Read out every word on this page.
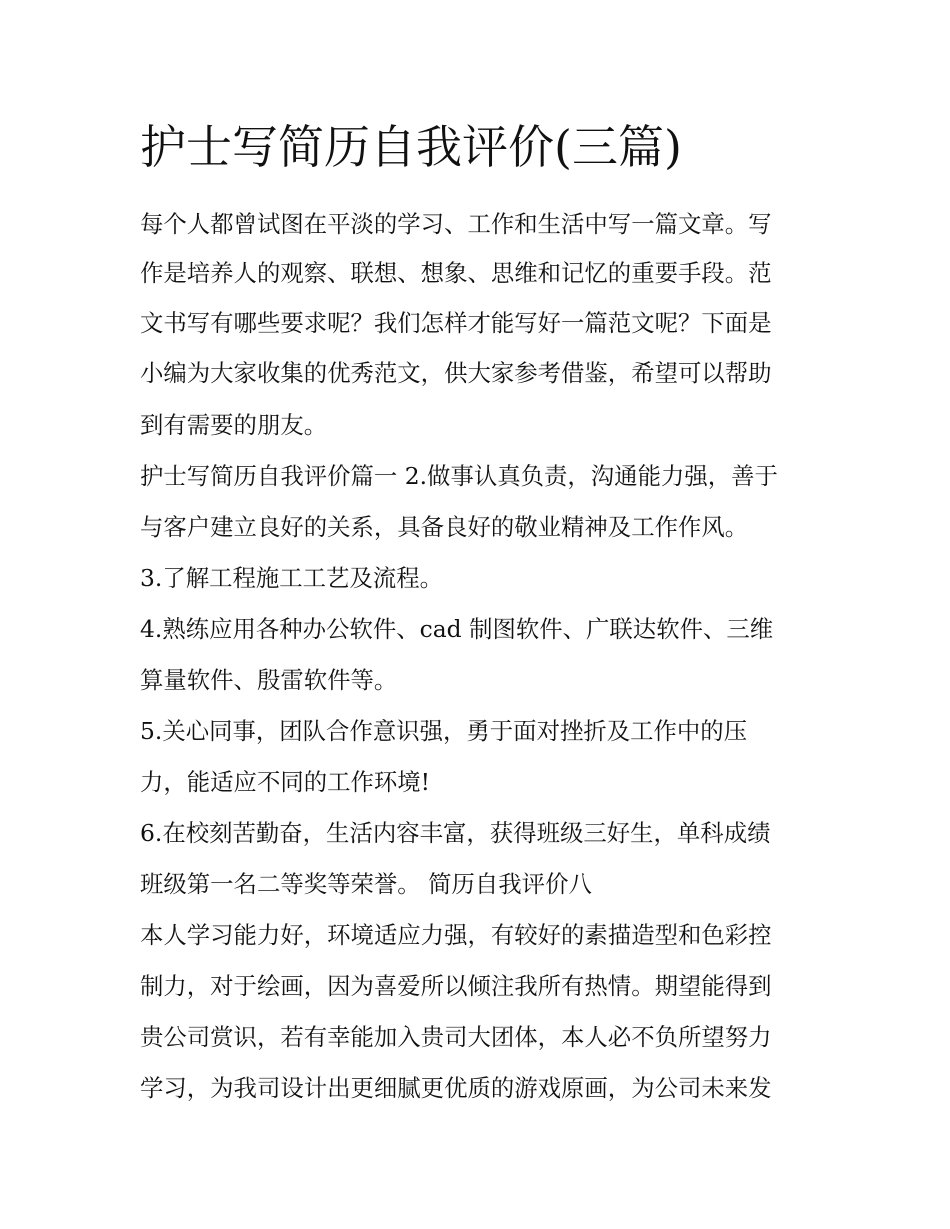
护士写简历自我评价(三篇)

每个人都曾试图在平淡的学习、工作和生活中写一篇文章。写

作是培养人的观察、联想、想象、思维和记忆的重要手段。范

文书写有哪些要求呢？我们怎样才能写好一篇范文呢？下面是

小编为大家收集的优秀范文，供大家参考借鉴，希望可以帮助

到有需要的朋友。

护士写简历自我评价篇一 2.做事认真负责，沟通能力强，善于

与客户建立良好的关系，具备良好的敬业精神及工作作风。

3.了解工程施工工艺及流程。

4.熟练应用各种办公软件、cad 制图软件、广联达软件、三维

算量软件、殷雷软件等。

5.关心同事，团队合作意识强，勇于面对挫折及工作中的压

力，能适应不同的工作环境!

6.在校刻苦勤奋，生活内容丰富，获得班级三好生，单科成绩

班级第一名二等奖等荣誉。 简历自我评价八

本人学习能力好，环境适应力强，有较好的素描造型和色彩控

制力，对于绘画，因为喜爱所以倾注我所有热情。期望能得到

贵公司赏识，若有幸能加入贵司大团体，本人必不负所望努力

学习，为我司设计出更细腻更优质的游戏原画，为公司未来发
